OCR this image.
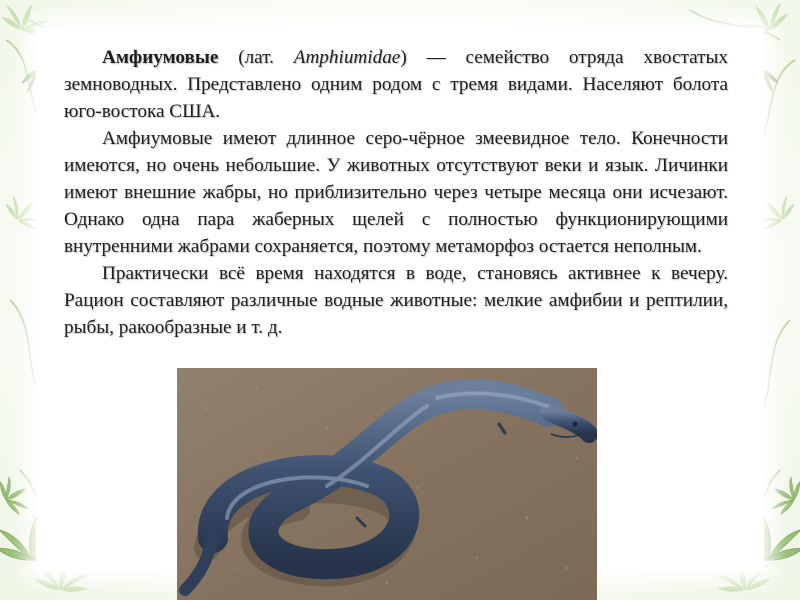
Амфиумовые (лат. Amphiumidae) — семейство отряда хвостатых земноводных. Представлено одним родом с тремя видами. Населяют болота юго-востока США.

Амфиумовые имеют длинное серо-чёрное змеевидное тело. Конечности имеются, но очень небольшие. У животных отсутствуют веки и язык. Личинки имеют внешние жабры, но приблизительно через четыре месяца они исчезают. Однако одна пара жаберных щелей с полностью функционирующими внутренними жабрами сохраняется, поэтому метаморфоз остается неполным.

Практически всё время находятся в воде, становясь активнее к вечеру. Рацион составляют различные водные животные: мелкие амфибии и рептилии, рыбы, ракообразные и т. д.
